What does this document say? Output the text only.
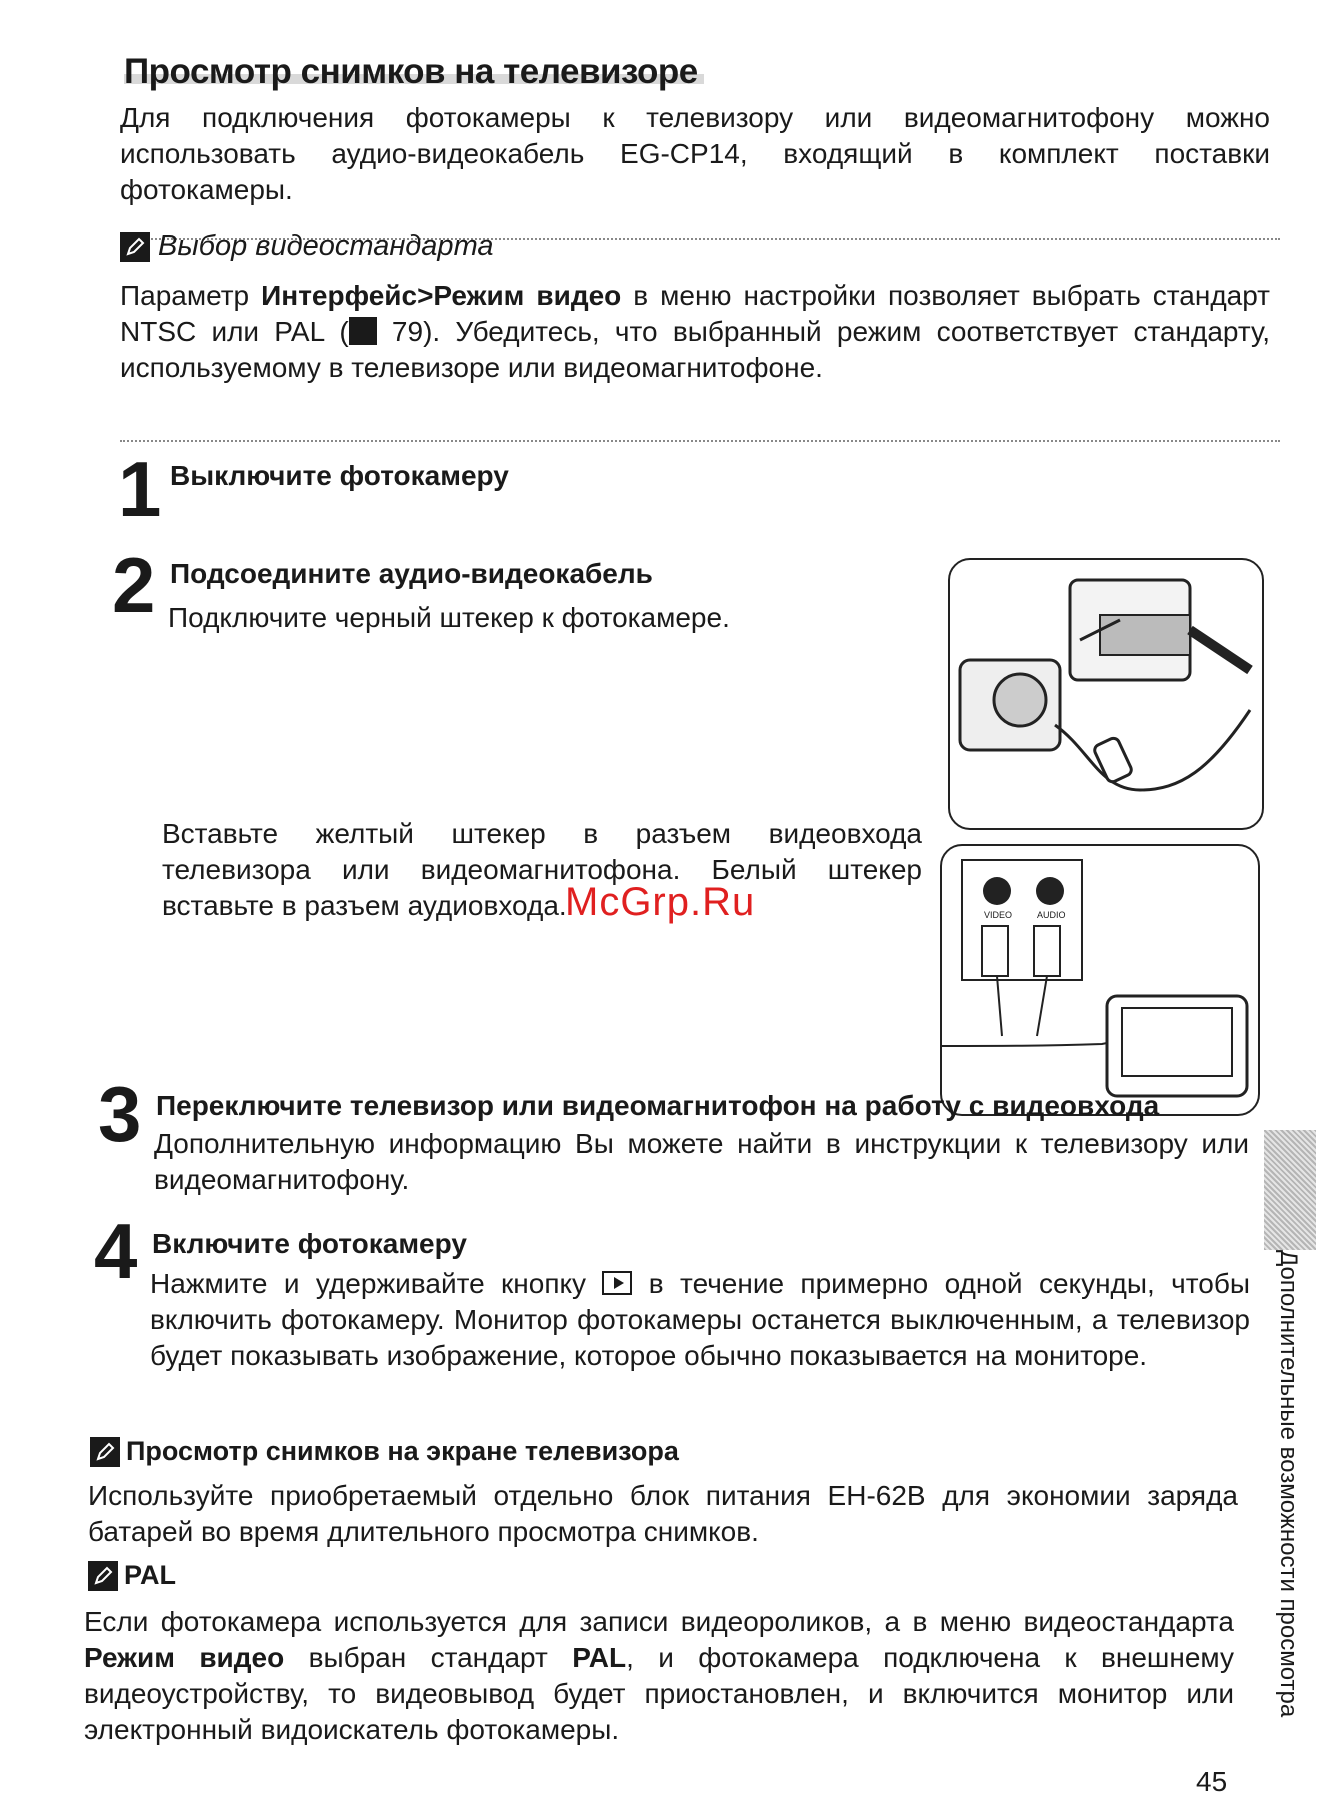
Просмотр снимков на телевизоре
Для подключения фотокамеры к телевизору или видеомагнитофону можно использовать аудио-видеокабель EG-CP14, входящий в комплект поставки фотокамеры.
Выбор видеостандарта
Параметр Интерфейс>Режим видео в меню настройки позволяет выбрать стандарт NTSC или PAL ( 79). Убедитесь, что выбранный режим соответствует стандарту, используемому в телевизоре или видеомагнитофоне.
1 Выключите фотокамеру
2 Подсоедините аудио-видеокабель
Подключите черный штекер к фотокамере.
Вставьте желтый штекер в разъем видеовхода телевизора или видеомагнитофона. Белый штекер вставьте в разъем аудиовхода.	VIDEO	AUDIO
McGrp.Ru
3 Переключите телевизор или видеомагнитофон на работу с видеовхода
Дополнительную информацию Вы можете найти в инструкции к телевизору или видеомагнитофону.
4 Включите фотокамеру
Нажмите и удерживайте кнопку  в течение примерно одной секунды, чтобы включить фотокамеру. Монитор фотокамеры останется выключенным, а телевизор будет показывать изображение, которое обычно показывается на мониторе.
Просмотр снимков на экране телевизора
Используйте приобретаемый отдельно блок питания EH-62B для экономии заряда батарей во время длительного просмотра снимков.
PAL
Если фотокамера используется для записи видеороликов, а в меню видеостандарта Режим видео выбран стандарт PAL, и фотокамера подключена к внешнему видеоустройству, то видеовывод будет приостановлен, и включится монитор или электронный видоискатель фотокамеры.
Дополнительные возможности просмотра
45
